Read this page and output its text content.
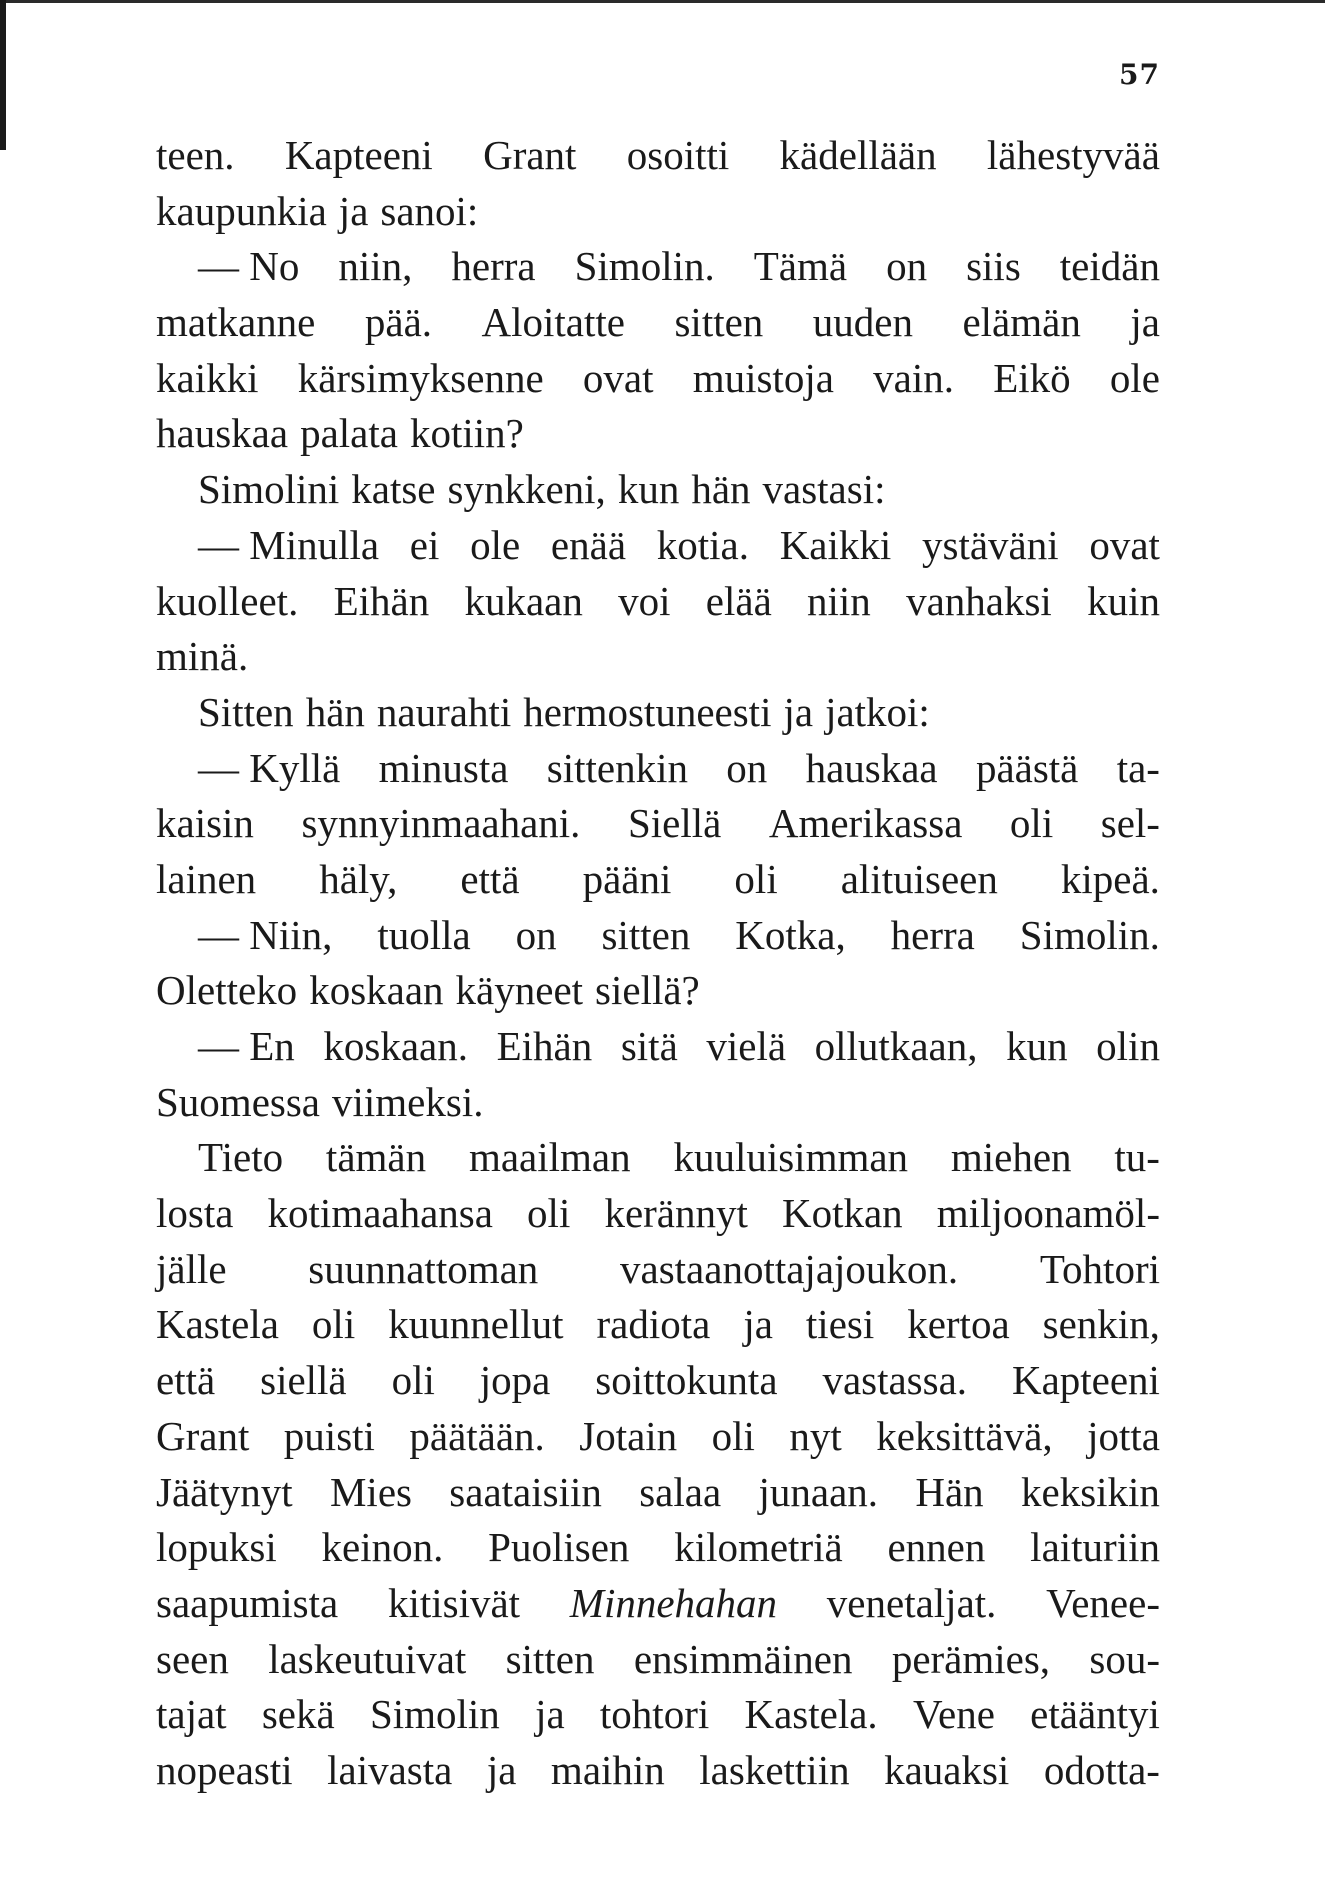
57
teen. Kapteeni Grant osoitti kädellään lähestyvää
kaupunkia ja sanoi:
— No niin, herra Simolin. Tämä on siis teidän
matkanne pää. Aloitatte sitten uuden elämän ja
kaikki kärsimyksenne ovat muistoja vain. Eikö ole
hauskaa palata kotiin?
Simolini katse synkkeni, kun hän vastasi:
— Minulla ei ole enää kotia. Kaikki ystäväni ovat
kuolleet. Eihän kukaan voi elää niin vanhaksi kuin
minä.
Sitten hän naurahti hermostuneesti ja jatkoi:
— Kyllä minusta sittenkin on hauskaa päästä ta-
kaisin synnyinmaahani. Siellä Amerikassa oli sel-
lainen häly, että pääni oli alituiseen kipeä.
— Niin, tuolla on sitten Kotka, herra Simolin.
Oletteko koskaan käyneet siellä?
— En koskaan. Eihän sitä vielä ollutkaan, kun olin
Suomessa viimeksi.
Tieto tämän maailman kuuluisimman miehen tu-
losta kotimaahansa oli kerännyt Kotkan miljoonamöl-
jälle suunnattoman vastaanottajajoukon. Tohtori
Kastela oli kuunnellut radiota ja tiesi kertoa senkin,
että siellä oli jopa soittokunta vastassa. Kapteeni
Grant puisti päätään. Jotain oli nyt keksittävä, jotta
Jäätynyt Mies saataisiin salaa junaan. Hän keksikin
lopuksi keinon. Puolisen kilometriä ennen laituriin
saapumista kitisivät Minnehahan venetaljat. Venee-
seen laskeutuivat sitten ensimmäinen perämies, sou-
tajat sekä Simolin ja tohtori Kastela. Vene etääntyi
nopeasti laivasta ja maihin laskettiin kauaksi odotta-
